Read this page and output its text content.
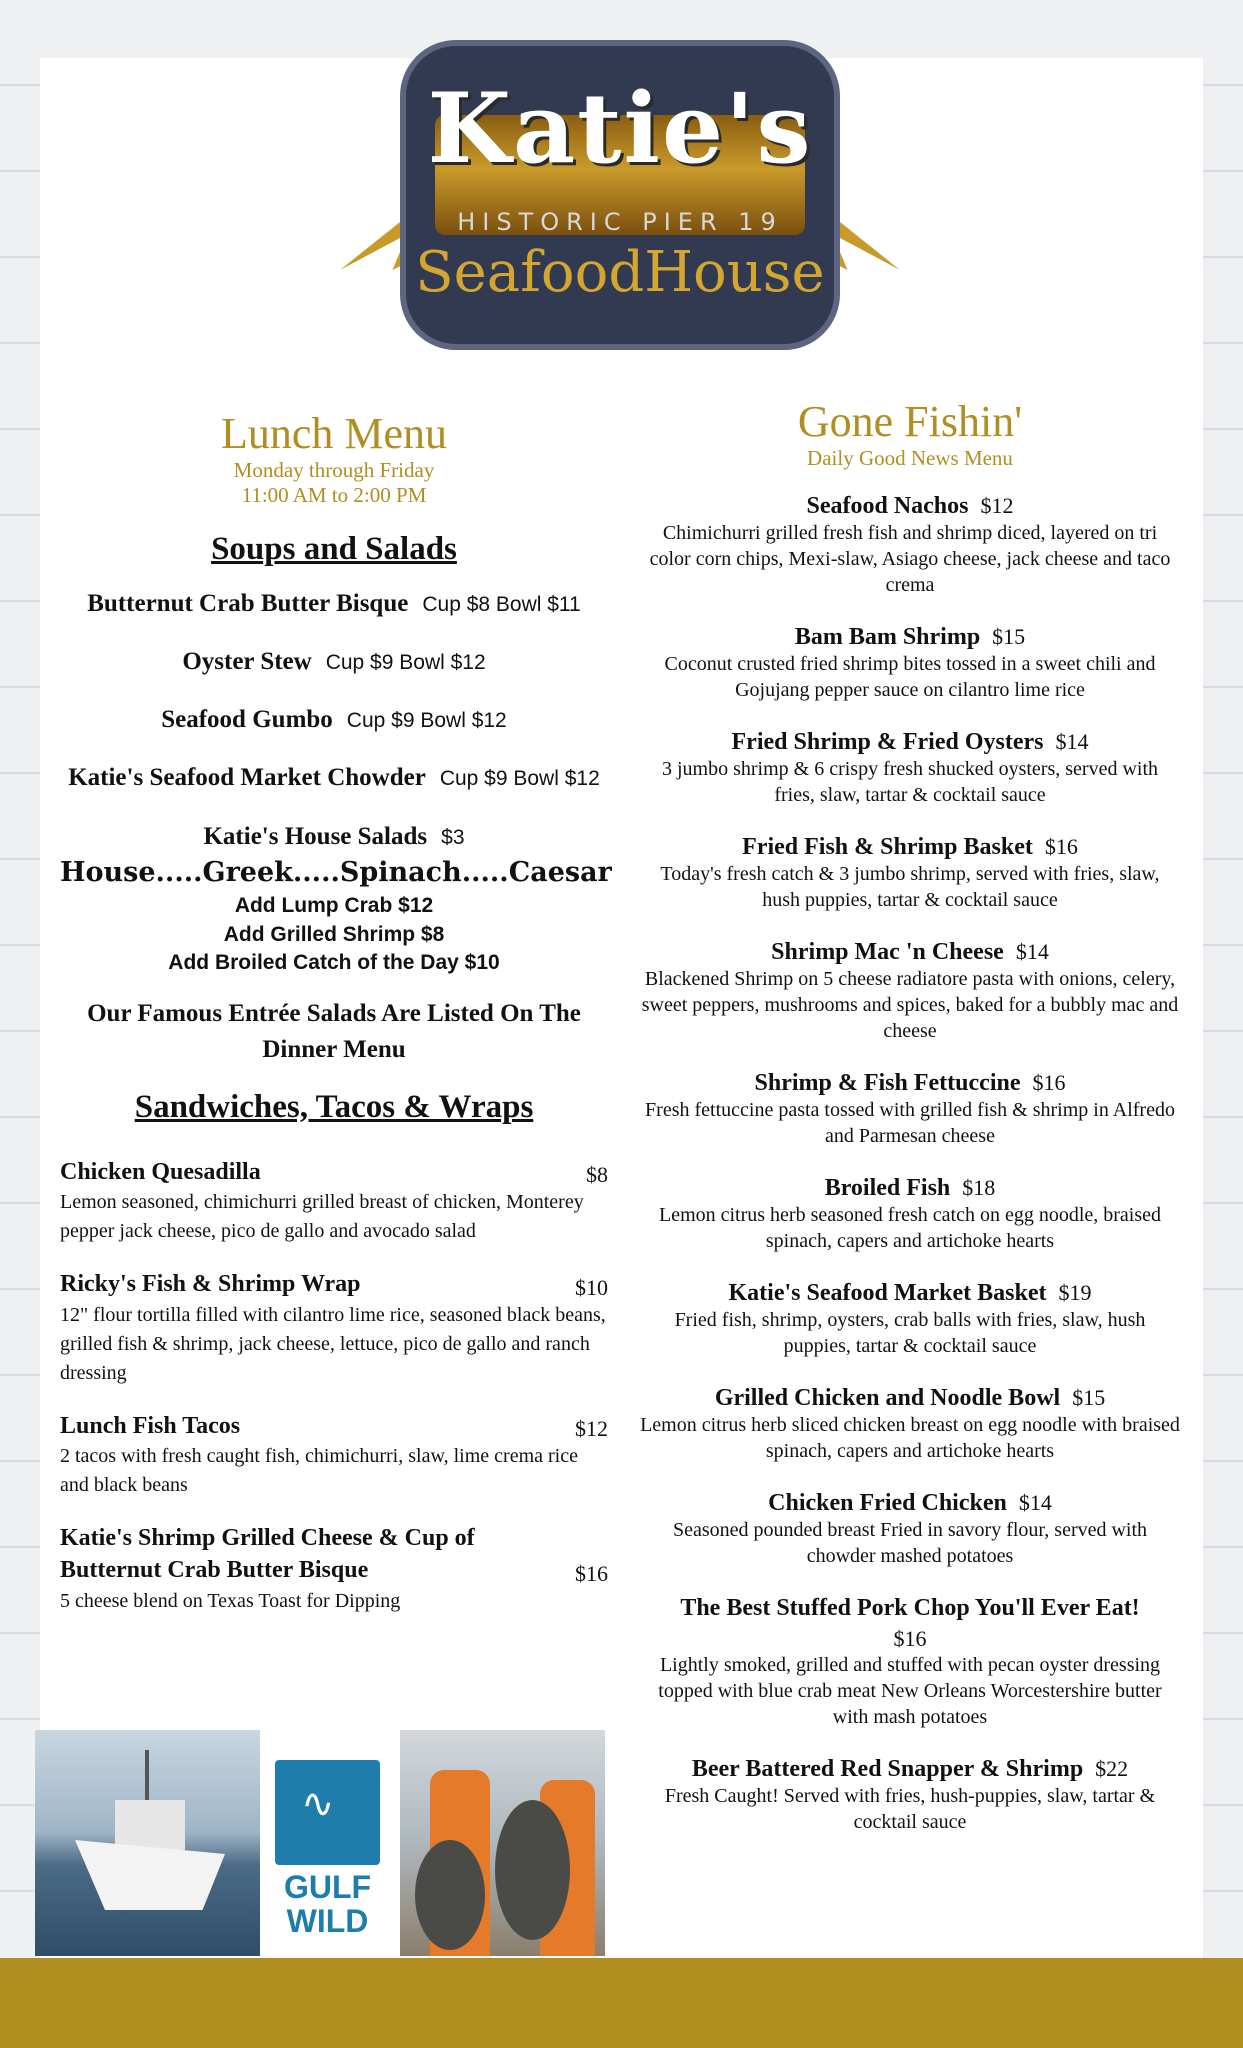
Katie's
HISTORIC PIER 19
SeafoodHouse
Lunch Menu
Monday through Friday
11:00 AM to 2:00 PM
Soups and Salads
Butternut Crab Butter Bisque Cup $8 Bowl $11
Oyster Stew Cup $9 Bowl $12
Seafood Gumbo Cup $9 Bowl $12
Katie's Seafood Market Chowder Cup $9 Bowl $12
Katie's House Salads $3
House.....Greek.....Spinach.....Caesar
Add Lump Crab $12
Add Grilled Shrimp $8
Add Broiled Catch of the Day $10
Our Famous Entrée Salads Are Listed On The Dinner Menu
Sandwiches, Tacos & Wraps
Chicken Quesadilla	$8
Lemon seasoned, chimichurri grilled breast of chicken, Monterey pepper jack cheese, pico de gallo and avocado salad
Ricky's Fish & Shrimp Wrap	$10
12" flour tortilla filled with cilantro lime rice, seasoned black beans, grilled fish & shrimp, jack cheese, lettuce, pico de gallo and ranch dressing
Lunch Fish Tacos	$12
2 tacos with fresh caught fish, chimichurri, slaw, lime crema rice and black beans
Katie's Shrimp Grilled Cheese & Cup of Butternut Crab Butter Bisque	$16
5 cheese blend on Texas Toast for Dipping
Gone Fishin'
Daily Good News Menu
Seafood Nachos $12
Chimichurri grilled fresh fish and shrimp diced, layered on tri color corn chips, Mexi-slaw, Asiago cheese, jack cheese and taco crema
Bam Bam Shrimp $15
Coconut crusted fried shrimp bites tossed in a sweet chili and Gojujang pepper sauce on cilantro lime rice
Fried Shrimp & Fried Oysters $14
3 jumbo shrimp & 6 crispy fresh shucked oysters, served with fries, slaw, tartar & cocktail sauce
Fried Fish & Shrimp Basket $16
Today's fresh catch & 3 jumbo shrimp, served with fries, slaw, hush puppies, tartar & cocktail sauce
Shrimp Mac 'n Cheese $14
Blackened Shrimp on 5 cheese radiatore pasta with onions, celery, sweet peppers, mushrooms and spices, baked for a bubbly mac and cheese
Shrimp & Fish Fettuccine $16
Fresh fettuccine pasta tossed with grilled fish & shrimp in Alfredo and Parmesan cheese
Broiled Fish $18
Lemon citrus herb seasoned fresh catch on egg noodle, braised spinach, capers and artichoke hearts
Katie's Seafood Market Basket $19
Fried fish, shrimp, oysters, crab balls with fries, slaw, hush puppies, tartar & cocktail sauce
Grilled Chicken and Noodle Bowl $15
Lemon citrus herb sliced chicken breast on egg noodle with braised spinach, capers and artichoke hearts
Chicken Fried Chicken $14
Seasoned pounded breast Fried in savory flour, served with chowder mashed potatoes
The Best Stuffed Pork Chop You'll Ever Eat!
$16
Lightly smoked, grilled and stuffed with pecan oyster dressing topped with blue crab meat New Orleans Worcestershire butter with mash potatoes
Beer Battered Red Snapper & Shrimp $22
Fresh Caught! Served with fries, hush-puppies, slaw, tartar & cocktail sauce
∿
GULF
WILD
